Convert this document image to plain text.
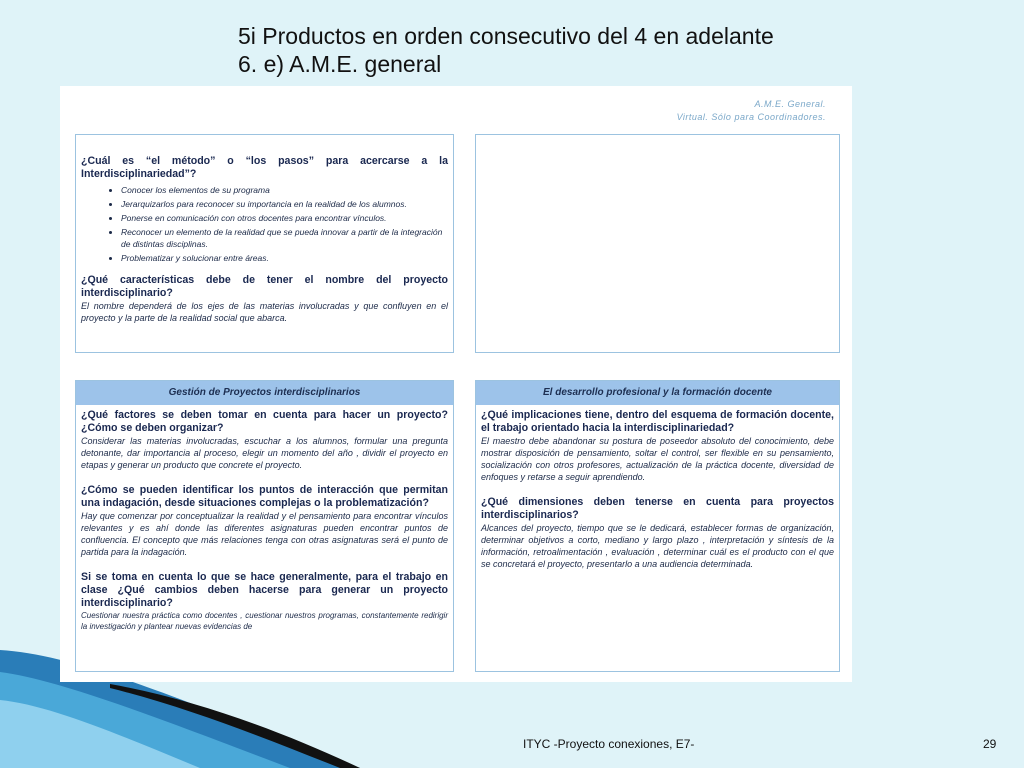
5i Productos en orden consecutivo del 4 en adelante
6. e) A.M.E. general
A.M.E. General.
Virtual. Sólo para Coordinadores.
¿Cuál es “el método” o “los pasos” para acercarse a la Interdisciplinariedad”?
• Conocer los elementos de su programa
• Jerarquizarlos para reconocer su importancia en la realidad de los alumnos.
• Ponerse en comunicación con otros docentes para encontrar vínculos.
• Reconocer un elemento de la realidad que se pueda innovar a partir de la integración de distintas disciplinas.
• Problematizar y solucionar entre áreas.
¿Qué características debe de tener el nombre del proyecto interdisciplinario?
El nombre dependerá de los ejes de las materias involucradas y que confluyen en el proyecto y la parte de la realidad social que abarca.
Gestión de Proyectos interdisciplinarios
¿Qué factores se deben tomar en cuenta para hacer un proyecto? ¿Cómo se deben organizar?
Considerar las materias involucradas, escuchar a los alumnos, formular una pregunta detonante, dar importancia al proceso, elegir un momento del año , dividir el proyecto en etapas y generar un producto que concrete el proyecto.
¿Cómo se pueden identificar los puntos de interacción que permitan una indagación, desde situaciones complejas o la problematización?
Hay que comenzar por conceptualizar la realidad y el pensamiento para encontrar vínculos relevantes y es ahí donde las diferentes asignaturas pueden encontrar puntos de confluencia. El concepto que más relaciones tenga con otras asignaturas será el punto de partida para la indagación.
Si se toma en cuenta lo que se hace generalmente, para el trabajo en clase ¿Qué cambios deben hacerse para generar un proyecto interdisciplinario?
Cuestionar nuestra práctica como docentes , cuestionar nuestros programas, constantemente redirigir la investigación y plantear nuevas evidencias de
El desarrollo profesional y la formación docente
¿Qué implicaciones tiene, dentro del esquema de formación docente, el trabajo orientado hacia la interdisciplinariedad?
El maestro debe abandonar su postura de poseedor absoluto del conocimiento, debe mostrar disposición de pensamiento, soltar el control, ser flexible en su pensamiento, socialización con otros profesores, actualización de la práctica docente, diversidad de enfoques y retarse a seguir aprendiendo.
¿Qué dimensiones deben tenerse en cuenta para proyectos interdisciplinarios?
Alcances del proyecto, tiempo que se le dedicará, establecer formas de organización, determinar objetivos a corto, mediano y largo plazo , interpretación y síntesis de la información, retroalimentación , evaluación , determinar cuál es el producto con el que se concretará el proyecto, presentarlo a una audiencia determinada.
ITYC -Proyecto conexiones, E7-	29
